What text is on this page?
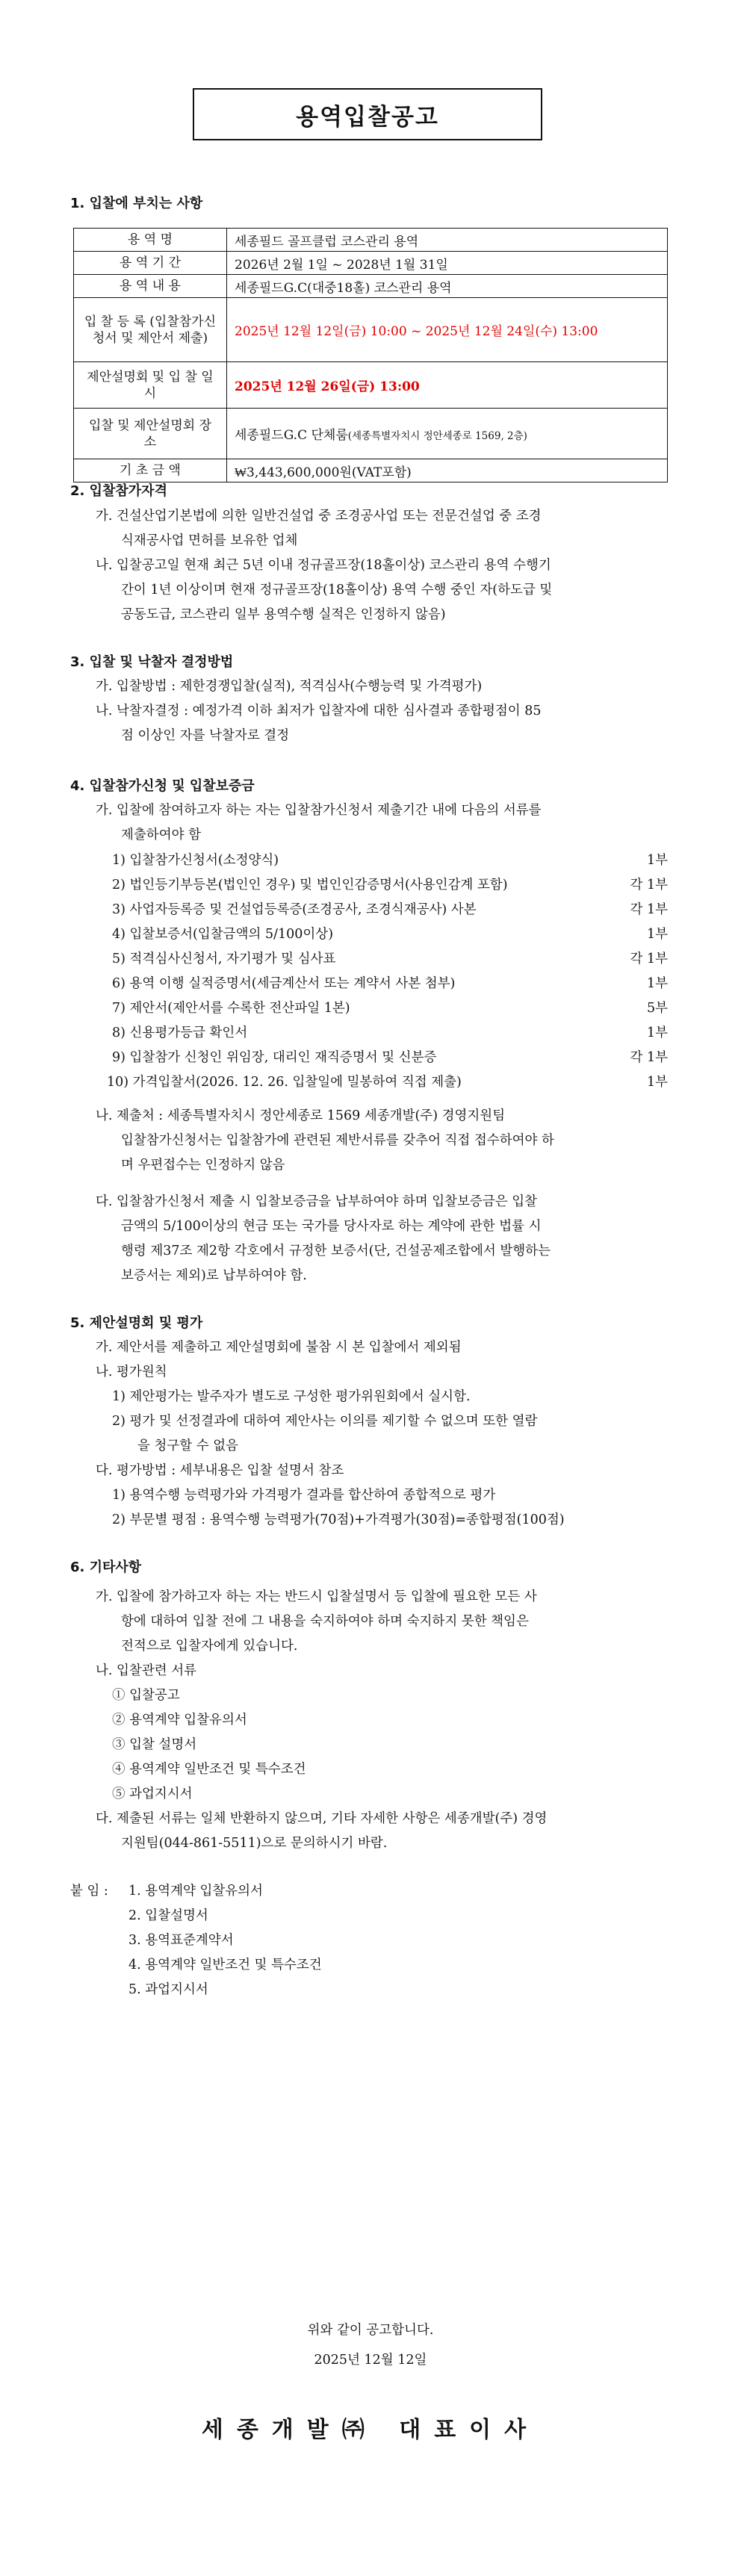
용역입찰공고
1. 입찰에 부치는 사항
용 역 명	세종필드 골프클럽 코스관리 용역
용 역 기 간	2026년 2월 1일 ~ 2028년 1월 31일
용 역 내 용	세종필드G.C(대중18홀) 코스관리 용역
입 찰 등 록 (입찰참가신청서 및 제안서 제출)	2025년 12월 12일(금) 10:00 ~ 2025년 12월 24일(수) 13:00
제안설명회 및 입 찰 일 시	2025년 12월 26일(금) 13:00
입찰 및 제안설명회 장 소	세종필드G.C 단체룸(세종특별자치시 정안세종로 1569, 2층)
기 초 금 액	₩3,443,600,000원(VAT포함)
2. 입찰참가자격
가. 건설산업기본법에 의한 일반건설업 중 조경공사업 또는 전문건설업 중 조경
식재공사업 면허를 보유한 업체
나. 입찰공고일 현재 최근 5년 이내 정규골프장(18홀이상) 코스관리 용역 수행기
간이 1년 이상이며 현재 정규골프장(18홀이상) 용역 수행 중인 자(하도급 및
공동도급, 코스관리 일부 용역수행 실적은 인정하지 않음)
3. 입찰 및 낙찰자 결정방법
가. 입찰방법 : 제한경쟁입찰(실적), 적격심사(수행능력 및 가격평가)
나. 낙찰자결정 : 예정가격 이하 최저가 입찰자에 대한 심사결과 종합평점이 85
점 이상인 자를 낙찰자로 결정
4. 입찰참가신청 및 입찰보증금
가. 입찰에 참여하고자 하는 자는 입찰참가신청서 제출기간 내에 다음의 서류를
제출하여야 함
1) 입찰참가신청서(소정양식)	1부
2) 법인등기부등본(법인인 경우) 및 법인인감증명서(사용인감계 포함)	각 1부
3) 사업자등록증 및 건설업등록증(조경공사, 조경식재공사) 사본	각 1부
4) 입찰보증서(입찰금액의 5/100이상)	1부
5) 적격심사신청서, 자기평가 및 심사표	각 1부
6) 용역 이행 실적증명서(세금계산서 또는 계약서 사본 첨부)	1부
7) 제안서(제안서를 수록한 전산파일 1본)	5부
8) 신용평가등급 확인서	1부
9) 입찰참가 신청인 위임장, 대리인 재직증명서 및 신분증	각 1부
10) 가격입찰서(2026. 12. 26. 입찰일에 밀봉하여 직접 제출)	1부
나. 제출처 : 세종특별자치시 정안세종로 1569 세종개발(주) 경영지원팀
입찰참가신청서는 입찰참가에 관련된 제반서류를 갖추어 직접 접수하여야 하
며 우편접수는 인정하지 않음
다. 입찰참가신청서 제출 시 입찰보증금을 납부하여야 하며 입찰보증금은 입찰
금액의 5/100이상의 현금 또는 국가를 당사자로 하는 계약에 관한 법률 시
행령 제37조 제2항 각호에서 규정한 보증서(단, 건설공제조합에서 발행하는
보증서는 제외)로 납부하여야 함.
5. 제안설명회 및 평가
가. 제안서를 제출하고 제안설명회에 불참 시 본 입찰에서 제외됨
나. 평가원칙
1) 제안평가는 발주자가 별도로 구성한 평가위원회에서 실시함.
2) 평가 및 선정결과에 대하여 제안사는 이의를 제기할 수 없으며 또한 열람
을 청구할 수 없음
다. 평가방법 : 세부내용은 입찰 설명서 참조
1) 용역수행 능력평가와 가격평가 결과를 합산하여 종합적으로 평가
2) 부문별 평점 : 용역수행 능력평가(70점)+가격평가(30점)=종합평점(100점)
6. 기타사항
가. 입찰에 참가하고자 하는 자는 반드시 입찰설명서 등 입찰에 필요한 모든 사
항에 대하여 입찰 전에 그 내용을 숙지하여야 하며 숙지하지 못한 책임은
전적으로 입찰자에게 있습니다.
나. 입찰관련 서류
① 입찰공고
② 용역계약 입찰유의서
③ 입찰 설명서
④ 용역계약 일반조건 및 특수조건
⑤ 과업지시서
다. 제출된 서류는 일체 반환하지 않으며, 기타 자세한 사항은 세종개발(주) 경영
지원팀(044-861-5511)으로 문의하시기 바람.
붙 임 : 1. 용역계약 입찰유의서
2. 입찰설명서
3. 용역표준계약서
4. 용역계약 일반조건 및 특수조건
5. 과업지시서
위와 같이 공고합니다.
2025년 12월 12일
세종개발㈜ 대표이사
